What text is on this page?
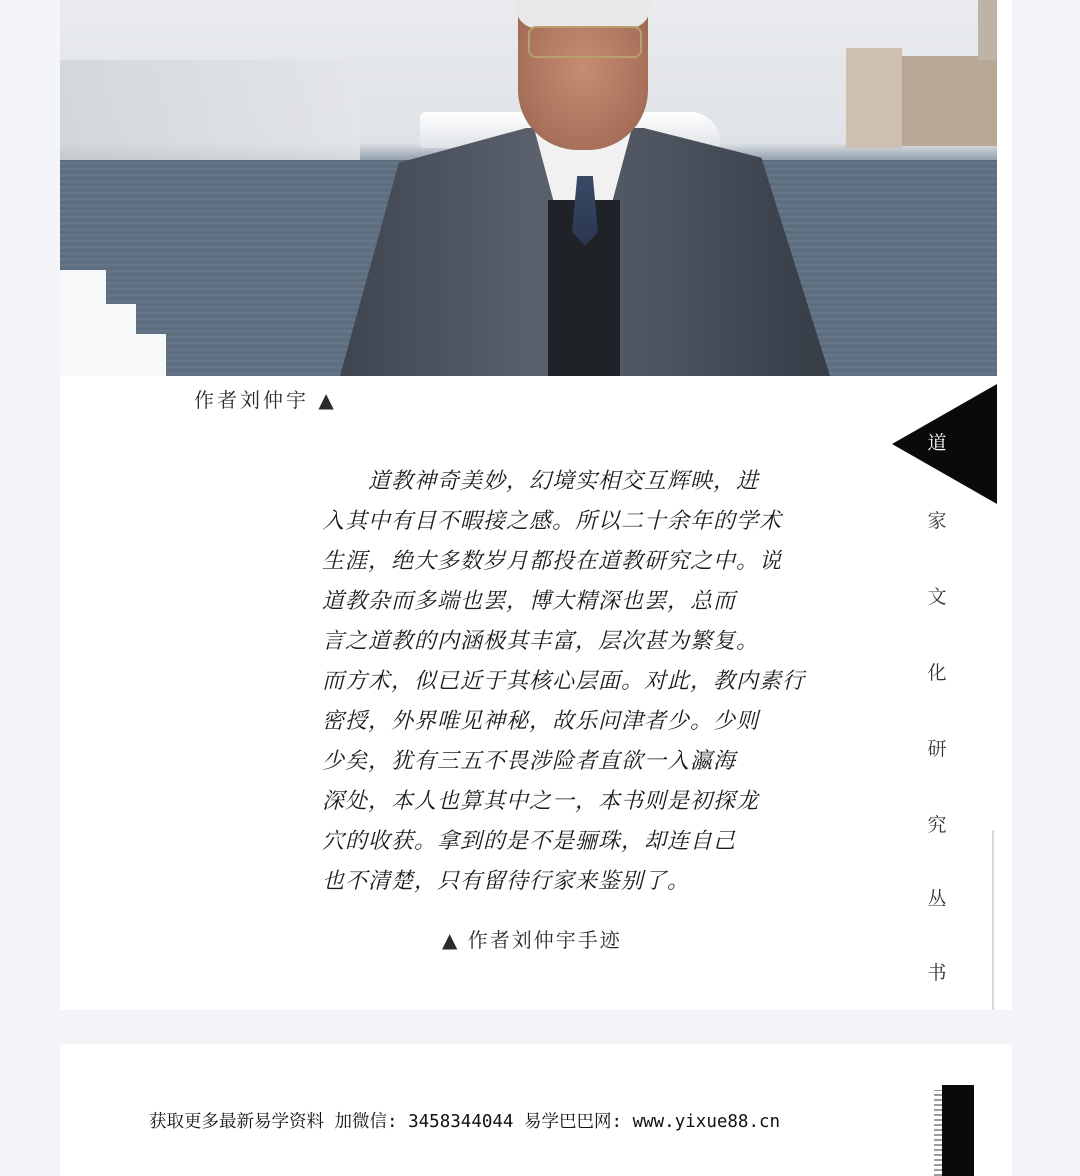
作者刘仲宇 ▲
道
家
文
化
研
究
丛
书
道教神奇美妙，幻境实相交互辉映，进
入其中有目不暇接之感。所以二十余年的学术
生涯，绝大多数岁月都投在道教研究之中。说
道教杂而多端也罢，博大精深也罢，总而
言之道教的内涵极其丰富，层次甚为繁复。
而方术，似已近于其核心层面。对此，教内素行
密授，外界唯见神秘，故乐问津者少。少则
少矣，犹有三五不畏涉险者直欲一入瀛海
深处，本人也算其中之一，本书则是初探龙
穴的收获。拿到的是不是骊珠，却连自己
也不清楚，只有留待行家来鉴别了。
▲ 作者刘仲宇手迹
获取更多最新易学资料 加微信: 3458344044 易学巴巴网: www.yixue88.cn
